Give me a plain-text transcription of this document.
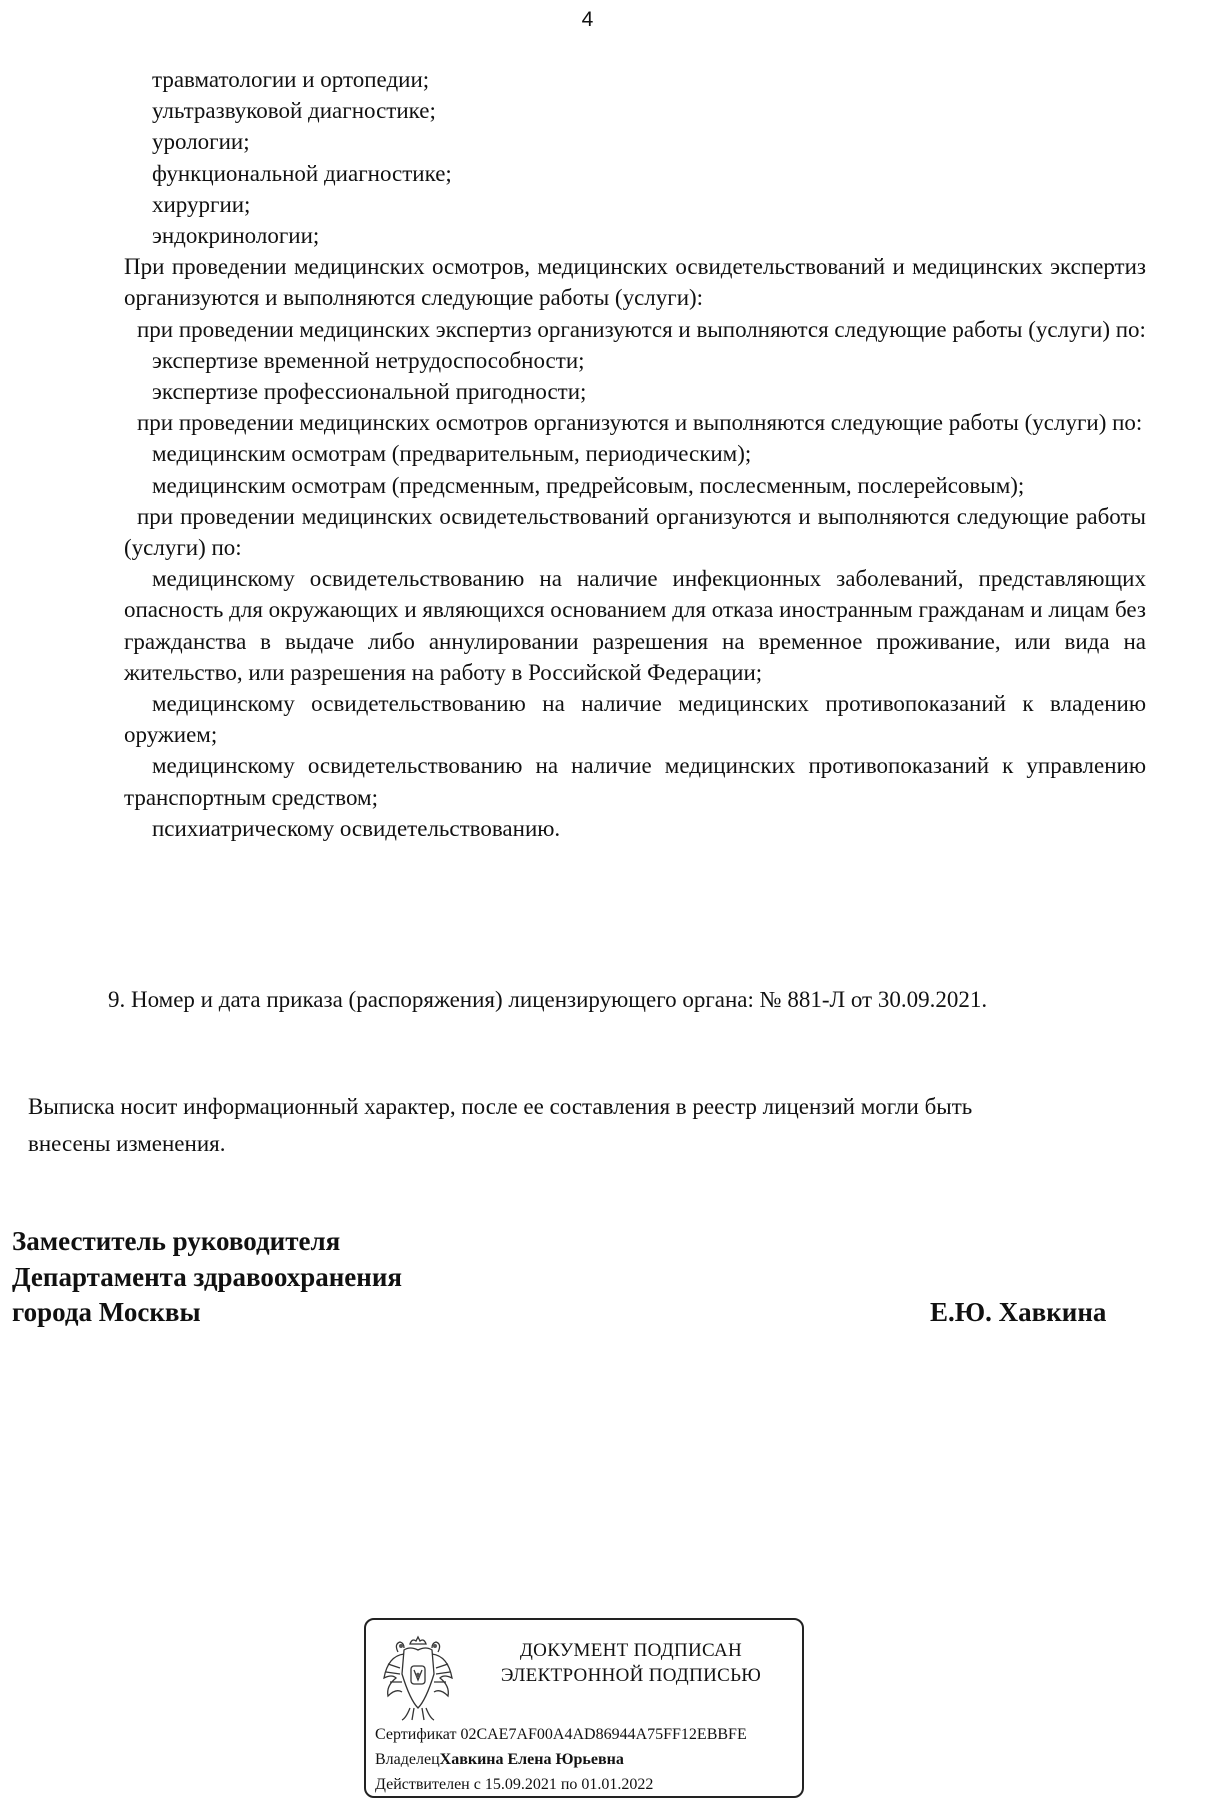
4

травматологии и ортопедии;

ультразвуковой диагностике;

урологии;

функциональной диагностике;

хирургии;

эндокринологии;

При проведении медицинских осмотров, медицинских освидетельствований и медицинских экспертиз организуются и выполняются следующие работы (услуги):

при проведении медицинских экспертиз организуются и выполняются следующие работы (услуги) по:

экспертизе временной нетрудоспособности;

экспертизе профессиональной пригодности;

при проведении медицинских осмотров организуются и выполняются следующие работы (услуги) по:

медицинским осмотрам (предварительным, периодическим);

медицинским осмотрам (предсменным, предрейсовым, послесменным, послерейсовым);

при проведении медицинских освидетельствований организуются и выполняются следующие работы (услуги) по:

медицинскому освидетельствованию на наличие инфекционных заболеваний, представляющих опасность для окружающих и являющихся основанием для отказа иностранным гражданам и лицам без гражданства в выдаче либо аннулировании разрешения на временное проживание, или вида на жительство, или разрешения на работу в Российской Федерации;

медицинскому освидетельствованию на наличие медицинских противопоказаний к владению оружием;

медицинскому освидетельствованию на наличие медицинских противопоказаний к управлению транспортным средством;

психиатрическому освидетельствованию.

9. Номер и дата приказа (распоряжения) лицензирующего органа: № 881-Л от 30.09.2021.

Выписка носит информационный характер, после ее составления в реестр лицензий могли быть

внесены изменения.

Заместитель руководителя
Департамента здравоохранения
города Москвы	Е.Ю. Хавкина
ДОКУМЕНТ ПОДПИСАН
ЭЛЕКТРОННОЙ ПОДПИСЬЮ
Сертификат 02CAE7AF00A4AD86944A75FF12EBBFE
ВладелецХавкина Елена Юрьевна
Действителен с 15.09.2021 по 01.01.2022
